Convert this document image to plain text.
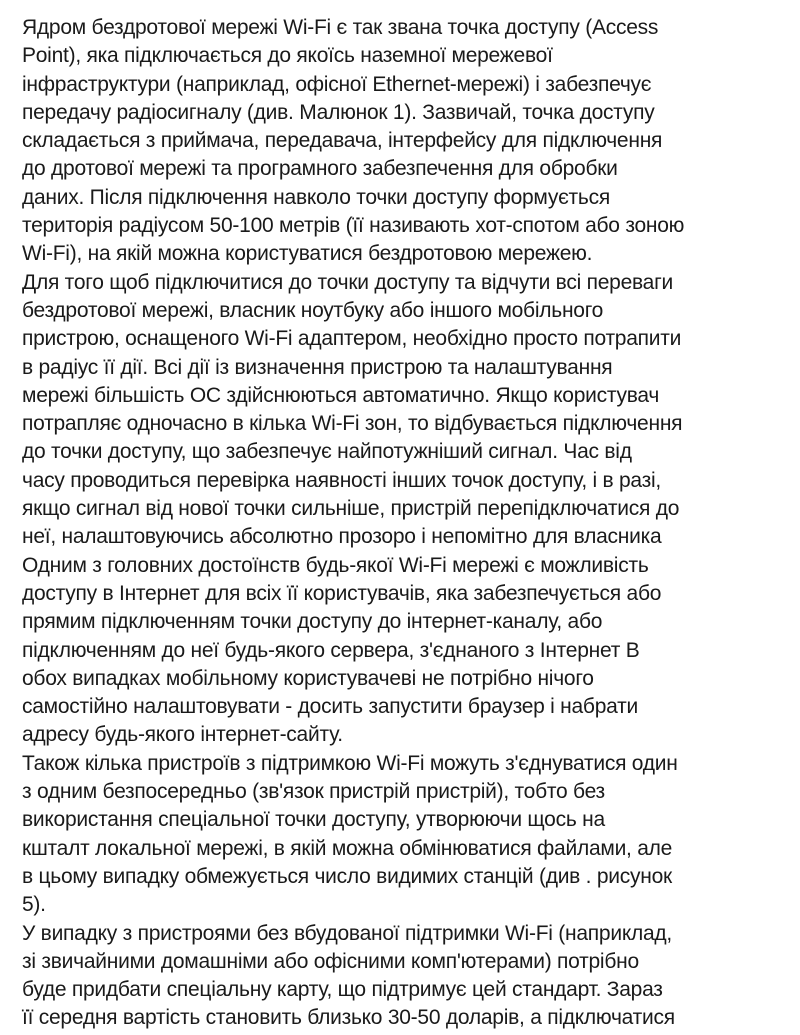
Ядром бездротової мережі Wi-Fi є так звана точка доступу (Access
Point), яка підключається до якоїсь наземної мережевої
інфраструктури (наприклад, офісної Ethernet-мережі) і забезпечує
передачу радіосигналу (див. Малюнок 1). Зазвичай, точка доступу
складається з приймача, передавача, інтерфейсу для підключення
до дротової мережі та програмного забезпечення для обробки
даних. Після підключення навколо точки доступу формується
територія радіусом 50-100 метрів (її називають хот-спотом або зоною
Wi-Fi), на якій можна користуватися бездротовою мережею.
Для того щоб підключитися до точки доступу та відчути всі переваги
бездротової мережі, власник ноутбуку або іншого мобільного
пристрою, оснащеного Wi-Fi адаптером, необхідно просто потрапити
в радіус її дії. Всі дії із визначення пристрою та налаштування
мережі більшість ОС здійснюються автоматично. Якщо користувач
потрапляє одночасно в кілька Wi-Fi зон, то відбувається підключення
до точки доступу, що забезпечує найпотужніший сигнал. Час від
часу проводиться перевірка наявності інших точок доступу, і в разі,
якщо сигнал від нової точки сильніше, пристрій перепідключатися до
неї, налаштовуючись абсолютно прозоро і непомітно для власника
Одним з головних достоїнств будь-якої Wi-Fi мережі є можливість
доступу в Інтернет для всіх її користувачів, яка забезпечується або
прямим підключенням точки доступу до інтернет-каналу, або
підключенням до неї будь-якого сервера, з'єднаного з Інтернет В
обох випадках мобільному користувачеві не потрібно нічого
самостійно налаштовувати - досить запустити браузер і набрати
адресу будь-якого інтернет-сайту.
Також кілька пристроїв з підтримкою Wi-Fi можуть з'єднуватися один
з одним безпосередньо (зв'язок пристрій пристрій), тобто без
використання спеціальної точки доступу, утворюючи щось на
кшталт локальної мережі, в якій можна обмінюватися файлами, але
в цьому випадку обмежується число видимих станцій (див . рисунок
5).
У випадку з пристроями без вбудованої підтримки Wi-Fi (наприклад,
зі звичайними домашніми або офісними комп'ютерами) потрібно
буде придбати спеціальну карту, що підтримує цей стандарт. Зараз
її середня вартість становить близько 30-50 доларів, а підключатися
